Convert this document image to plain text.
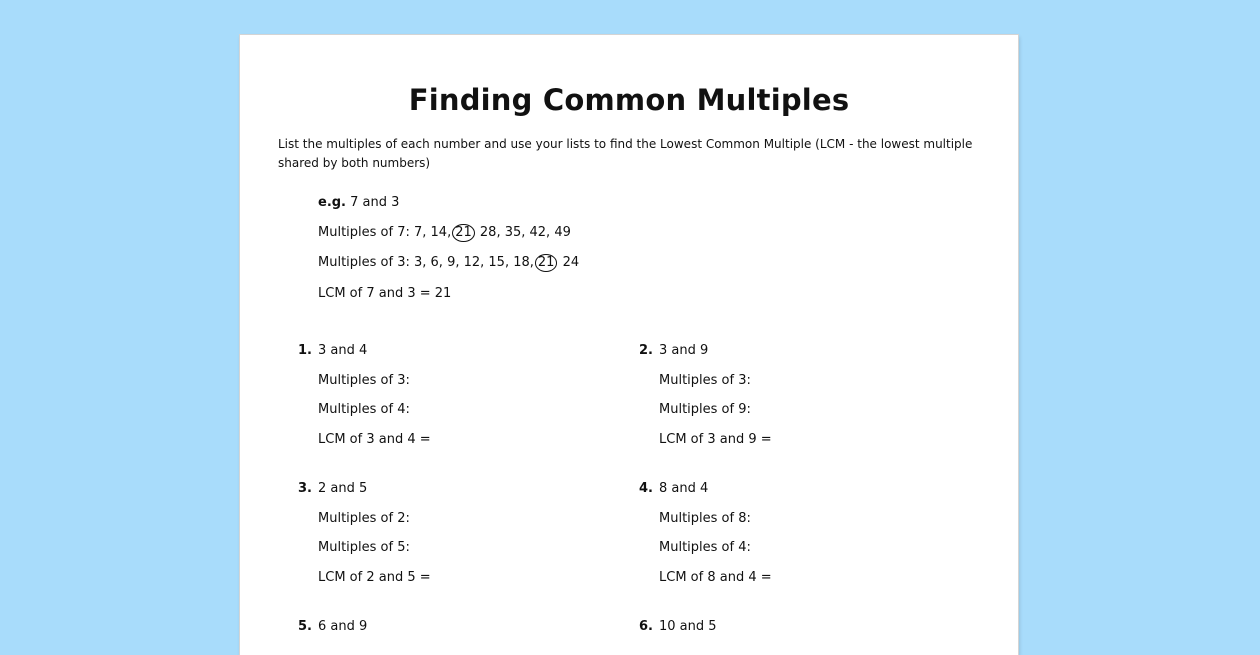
Finding Common Multiples
List the multiples of each number and use your lists to find the Lowest Common Multiple (LCM - the lowest multiple shared by both numbers)
e.g. 7 and 3
Multiples of 7: 7, 14, 21 28, 35, 42, 49
Multiples of 3: 3, 6, 9, 12, 15, 18, 21 24
LCM of 7 and 3 = 21
1. 3 and 4
Multiples of 3:
Multiples of 4:
LCM of 3 and 4 =
2. 3 and 9
Multiples of 3:
Multiples of 9:
LCM of 3 and 9 =
3. 2 and 5
Multiples of 2:
Multiples of 5:
LCM of 2 and 5 =
4. 8 and 4
Multiples of 8:
Multiples of 4:
LCM of 8 and 4 =
5. 6 and 9	6. 10 and 5
